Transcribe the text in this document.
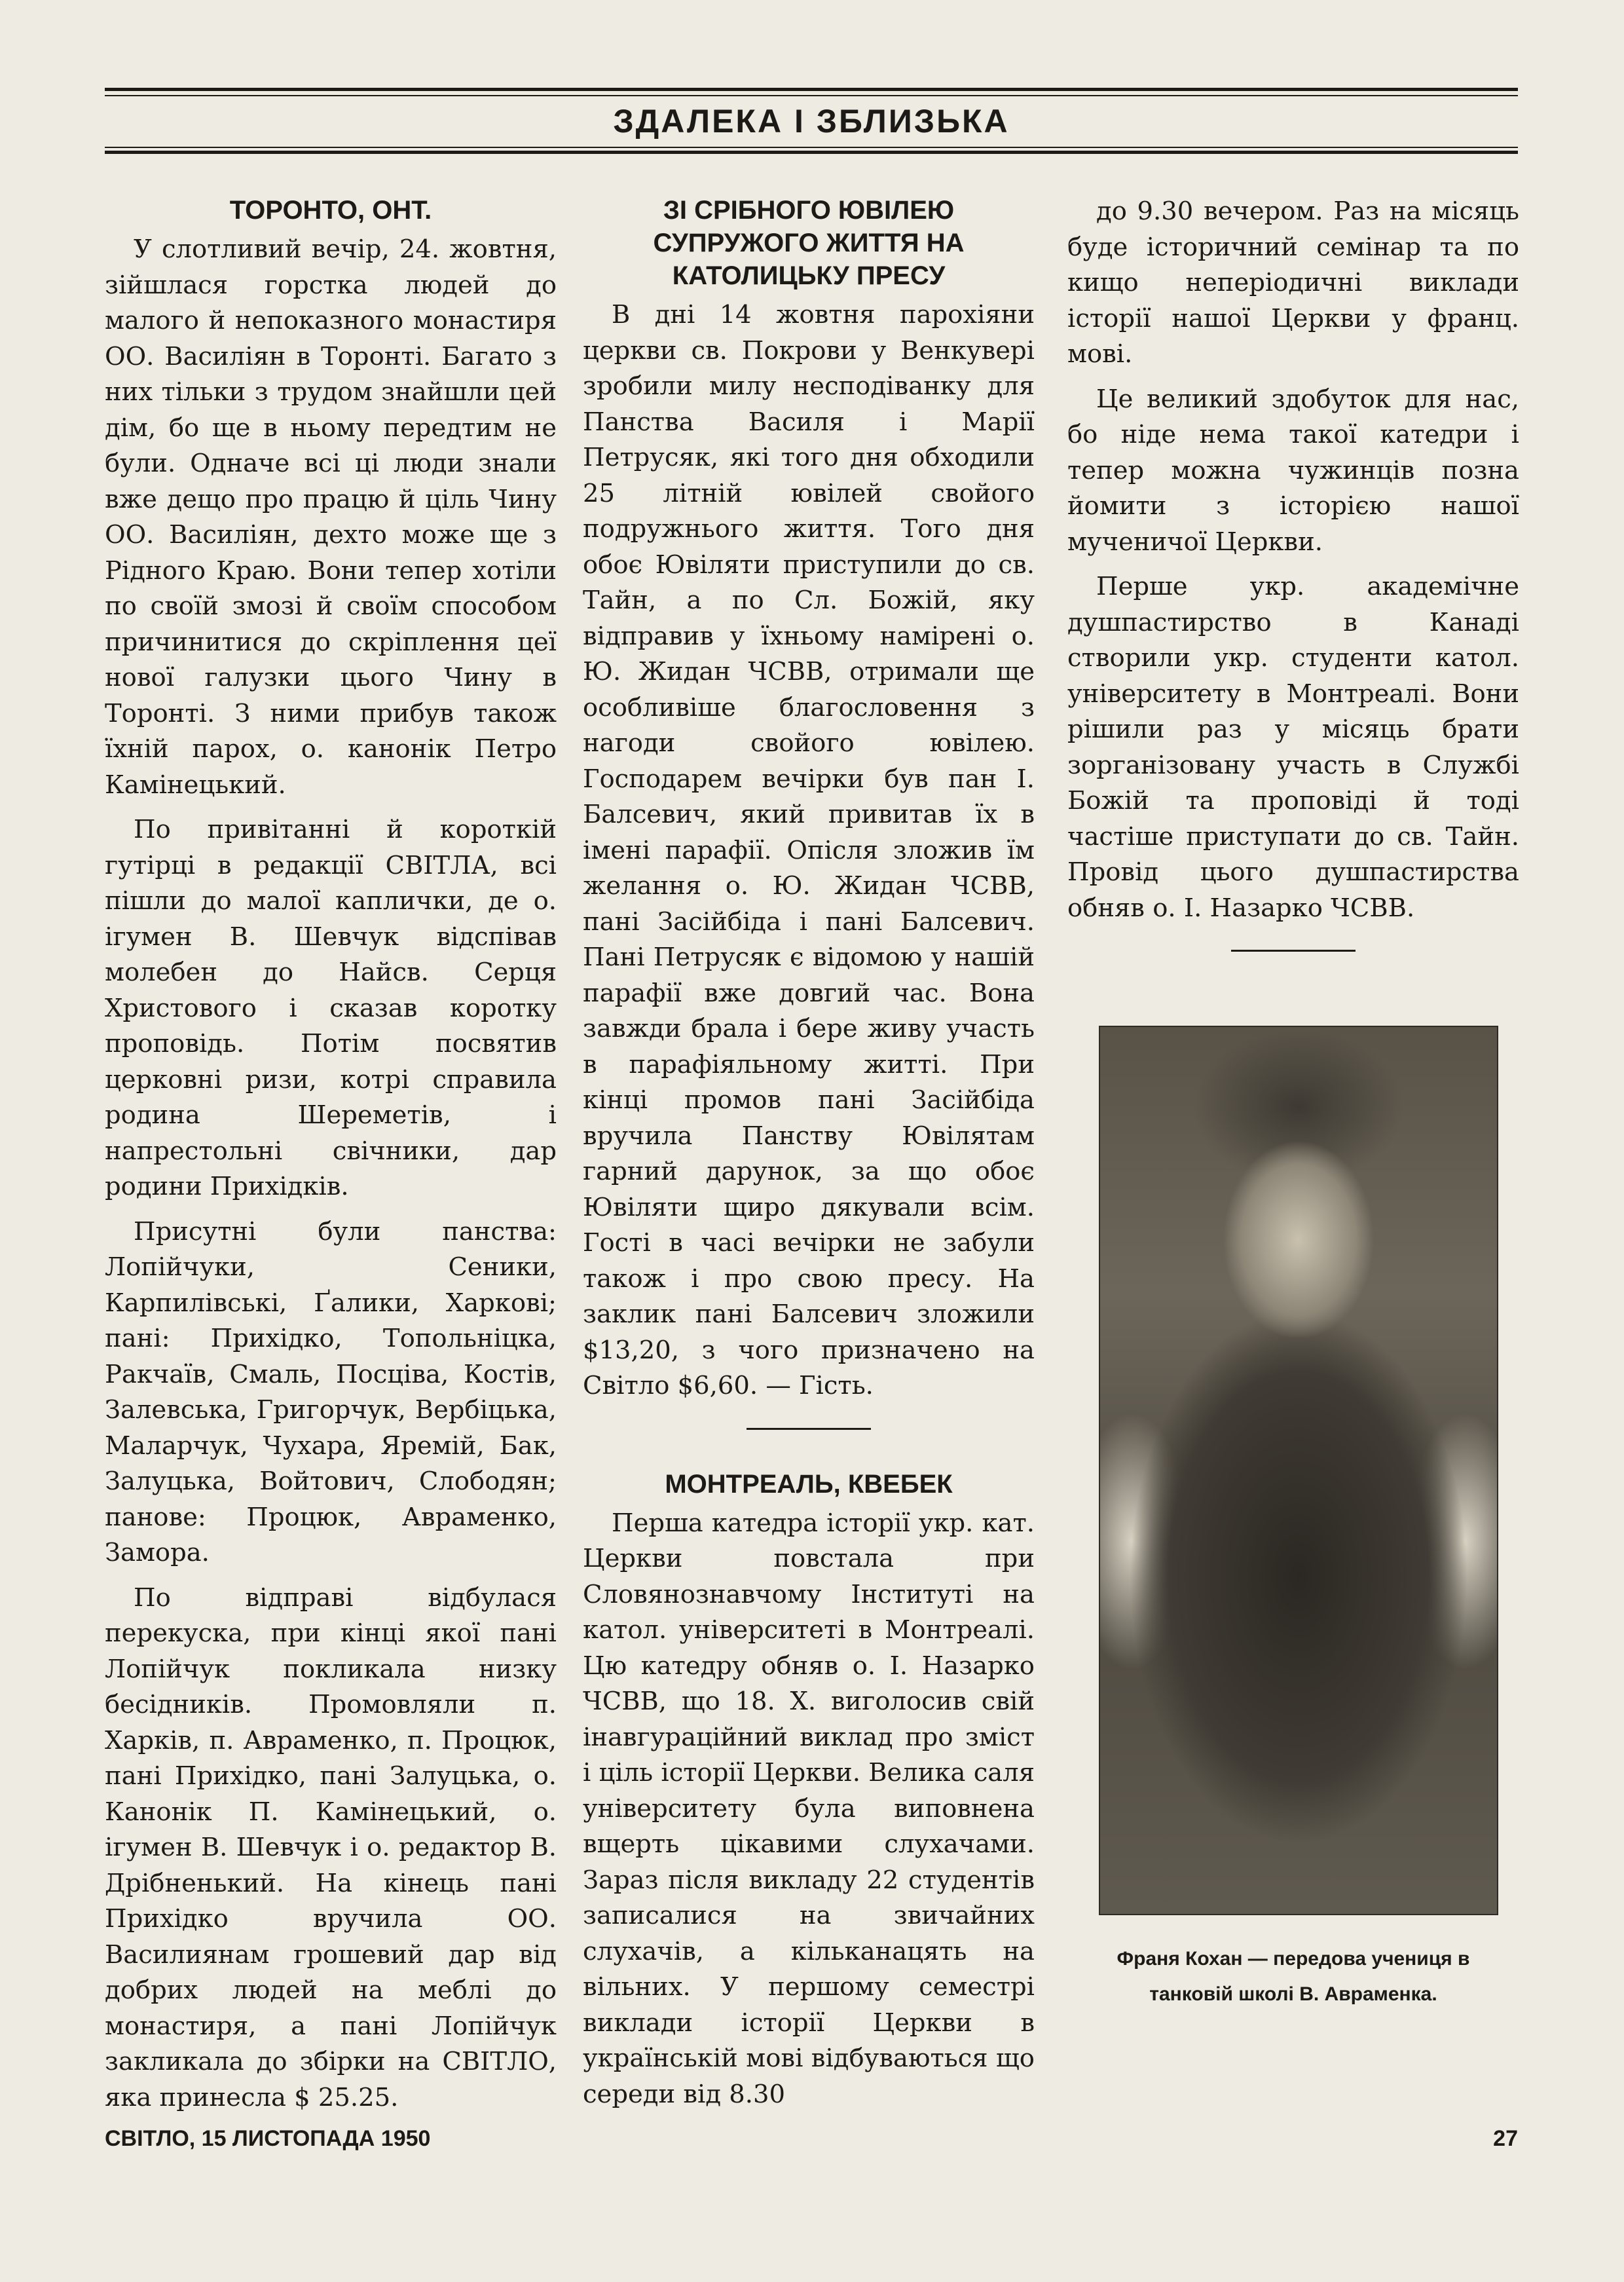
ЗДАЛЕКА І ЗБЛИЗЬКА
ТОРОНТО, ОНТ.

У слотливий вечір, 24. жовтня, зійшлася горстка людей до малого й непоказного монастиря ОО. Василіян в Торонті. Багато з них тільки з трудом знайшли цей дім, бо ще в ньому передтим не були. Одначе всі ці люди знали вже дещо про працю й ціль Чину ОО. Василіян, дехто може ще з Рідного Краю. Вони тепер хотіли по своїй змозі й своїм способом причинитися до скріплення цеї нової галузки цього Чину в Торонті. З ними прибув також їхній парох, о. канонік Петро Камінецький.

По привітанні й короткій гутірці в редакції СВІТЛА, всі пішли до малої каплички, де о. ігумен В. Шевчук відспівав молебен до Найсв. Серця Христового і сказав коротку проповідь. Потім посвятив церковні ризи, котрі справила родина Шереметів, і напрестольні свічники, дар родини Прихідків.

Присутні були панства: Лопійчуки, Сеники, Карпилівські, Ґалики, Харкові; пані: Прихідко, Топольніцка, Ракчаїв, Смаль, Посціва, Костів, Залевська, Григорчук, Вербіцька, Маларчук, Чухара, Яремій, Бак, Залуцька, Войтович, Слободян; панове: Процюк, Авраменко, Замора.

По відправі відбулася перекуска, при кінці якої пані Лопійчук покликала низку бесідників. Промовляли п. Харків, п. Авраменко, п. Процюк, пані Прихідко, пані Залуцька, о. Канонік П. Камінецький, о. ігумен В. Шевчук і о. редактор В. Дрібненький. На кінець пані Прихідко вручила ОО. Василиянам грошевий дар від добрих людей на меблі до монастиря, а пані Лопійчук закликала до збірки на СВІТЛО, яка принесла $ 25.25.

ЗІ СРІБНОГО ЮВІЛЕЮ СУПРУЖОГО ЖИТТЯ НА КАТОЛИЦЬКУ ПРЕСУ

В дні 14 жовтня парохіяни церкви св. Покрови у Венкувері зробили милу несподіванку для Панства Василя і Марії Петрусяк, які того дня обходили 25 літній ювілей свойого подружнього життя. Того дня обоє Ювіляти приступили до св. Тайн, а по Сл. Божій, яку відправив у їхньому намірені о. Ю. Жидан ЧСВВ, отримали ще особливіше благословення з нагоди свойого ювілею. Господарем вечірки був пан І. Балсевич, який привитав їх в імені парафії. Опісля зложив їм желання о. Ю. Жидан ЧСВВ, пані Засійбіда і пані Балсевич. Пані Петрусяк є відомою у нашій парафії вже довгий час. Вона завжди брала і бере живу участь в парафіяльному житті. При кінці промов пані Засійбіда вручила Панству Ювілятам гарний дарунок, за що обоє Ювіляти щиро дякували всім. Гості в часі вечірки не забули також і про свою пресу. На заклик пані Балсевич зложили $13,20, з чого призначено на Світло $6,60. — Гість.

МОНТРЕАЛЬ, КВЕБЕК

Перша катедра історії укр. кат. Церкви повстала при Словянознавчому Інституті на катол. університеті в Монтреалі. Цю катедру обняв о. І. Назарко ЧСВВ, що 18. X. виголосив свій інавгураційний виклад про зміст і ціль історії Церкви. Велика саля університету була виповнена вщерть цікавими слухачами. Зараз після викладу 22 студентів записалися на звичайних слухачів, а кільканацять на вільних. У першому семестрі виклади історії Церкви в українській мові відбуваються що середи від 8.30

до 9.30 вечером. Раз на місяць буде історичний семінар та по кищо неперіодичні виклади історії нашої Церкви у франц. мові.

Це великий здобуток для нас, бо ніде нема такої катедри і тепер можна чужинців позна йомити з історією нашої мученичої Церкви.

Перше укр. академічне душпастирство в Канаді створили укр. студенти катол. університету в Монтреалі. Вони рішили раз у місяць брати зорганізовану участь в Службі Божій та проповіді й тоді частіше приступати до св. Тайн. Провід цього душпастирства обняв о. І. Назарко ЧСВВ.

Франя Кохан — передова учениця в
танковій школі В. Авраменка.
СВІТЛО, 15 ЛИСТОПАДА 1950	27
